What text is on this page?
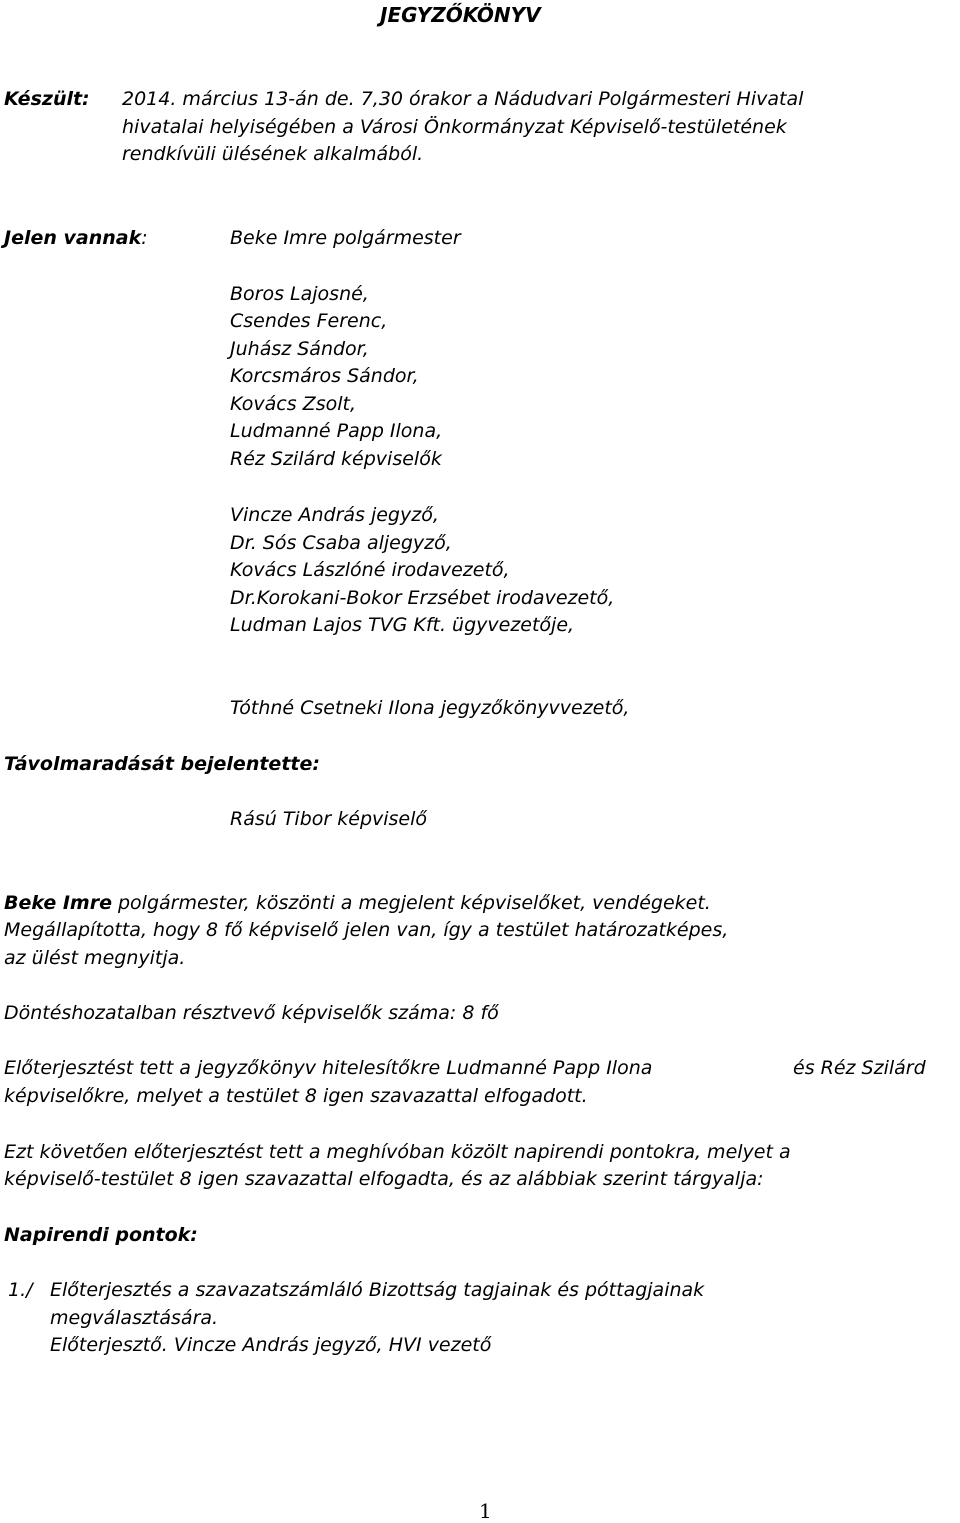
JEGYZŐKÖNYV
Készült: 2014. március 13-án de. 7,30 órakor a Nádudvari Polgármesteri Hivatal
hivatalai helyiségében a Városi Önkormányzat Képviselő-testületének
rendkívüli ülésének alkalmából.
Jelen vannak:	Beke Imre polgármester
Boros Lajosné,
Csendes Ferenc,
Juhász Sándor,
Korcsmáros Sándor,
Kovács Zsolt,
Ludmanné Papp Ilona,
Réz Szilárd képviselők
Vincze András jegyző,
Dr. Sós Csaba aljegyző,
Kovács Lászlóné irodavezető,
Dr.Korokani-Bokor Erzsébet irodavezető,
Ludman Lajos TVG Kft. ügyvezetője,
Tóthné Csetneki Ilona jegyzőkönyvvezető,
Távolmaradását bejelentette:
Rású Tibor képviselő
Beke Imre polgármester, köszönti a megjelent képviselőket, vendégeket.
Megállapította, hogy 8 fő képviselő jelen van, így a testület határozatképes,
az ülést megnyitja.
Döntéshozatalban résztvevő képviselők száma: 8 fő
Előterjesztést tett a jegyzőkönyv hitelesítőkre Ludmanné Papp Ilona	és Réz Szilárd
képviselőkre, melyet a testület 8 igen szavazattal elfogadott.
Ezt követően előterjesztést tett a meghívóban közölt napirendi pontokra, melyet a
képviselő-testület 8 igen szavazattal elfogadta, és az alábbiak szerint tárgyalja:
Napirendi pontok:
1./ Előterjesztés a szavazatszámláló Bizottság tagjainak és póttagjainak
megválasztására.
Előterjesztő. Vincze András jegyző, HVI vezető
1
